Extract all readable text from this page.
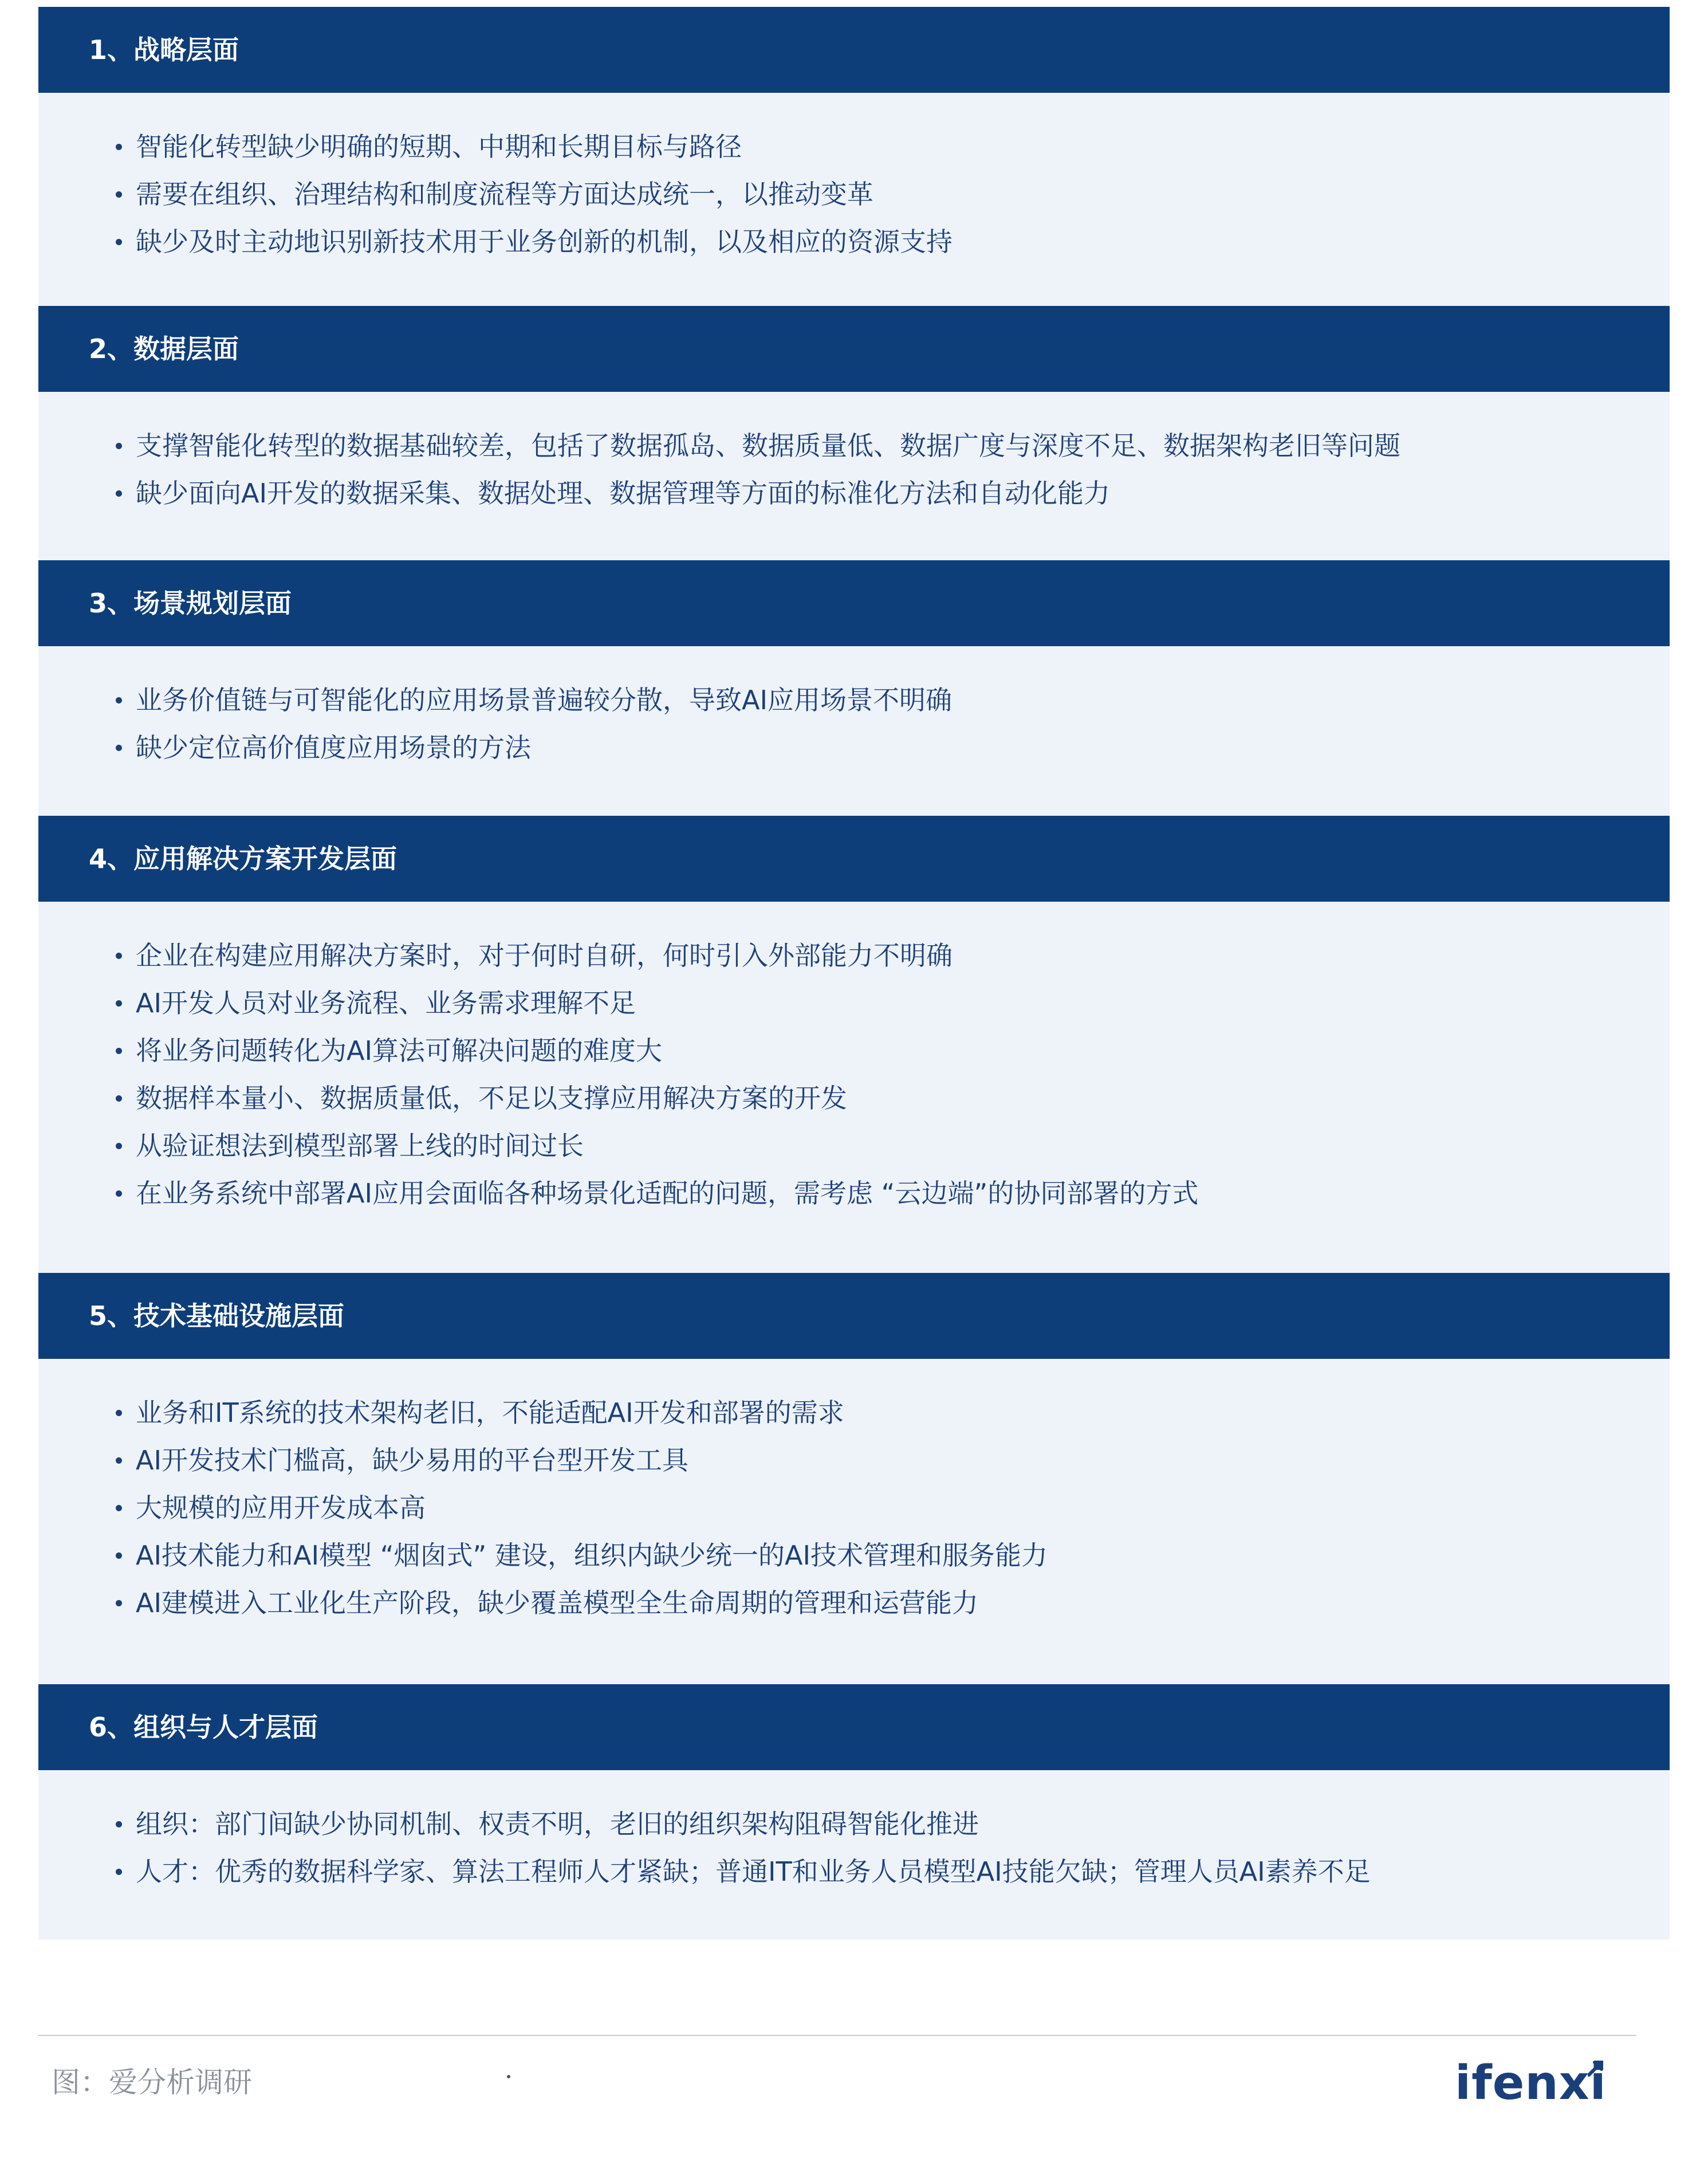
1、战略层面
智能化转型缺少明确的短期、中期和长期目标与路径
需要在组织、治理结构和制度流程等方面达成统一，以推动变革
缺少及时主动地识别新技术用于业务创新的机制，以及相应的资源支持
2、数据层面
支撑智能化转型的数据基础较差，包括了数据孤岛、数据质量低、数据广度与深度不足、数据架构老旧等问题
缺少面向AI开发的数据采集、数据处理、数据管理等方面的标准化方法和自动化能力
3、场景规划层面
业务价值链与可智能化的应用场景普遍较分散，导致AI应用场景不明确
缺少定位高价值度应用场景的方法
4、应用解决方案开发层面
企业在构建应用解决方案时，对于何时自研，何时引入外部能力不明确
AI开发人员对业务流程、业务需求理解不足
将业务问题转化为AI算法可解决问题的难度大
数据样本量小、数据质量低，不足以支撑应用解决方案的开发
从验证想法到模型部署上线的时间过长
在业务系统中部署AI应用会面临各种场景化适配的问题，需考虑 “云边端”的协同部署的方式
5、技术基础设施层面
业务和IT系统的技术架构老旧，不能适配AI开发和部署的需求
AI开发技术门槛高，缺少易用的平台型开发工具
大规模的应用开发成本高
AI技术能力和AI模型 “烟囱式” 建设，组织内缺少统一的AI技术管理和服务能力
AI建模进入工业化生产阶段，缺少覆盖模型全生命周期的管理和运营能力
6、组织与人才层面
组织：部门间缺少协同机制、权责不明，老旧的组织架构阻碍智能化推进
人才：优秀的数据科学家、算法工程师人才紧缺；普通IT和业务人员模型AI技能欠缺；管理人员AI素养不足
图：爱分析调研	ifenxi
